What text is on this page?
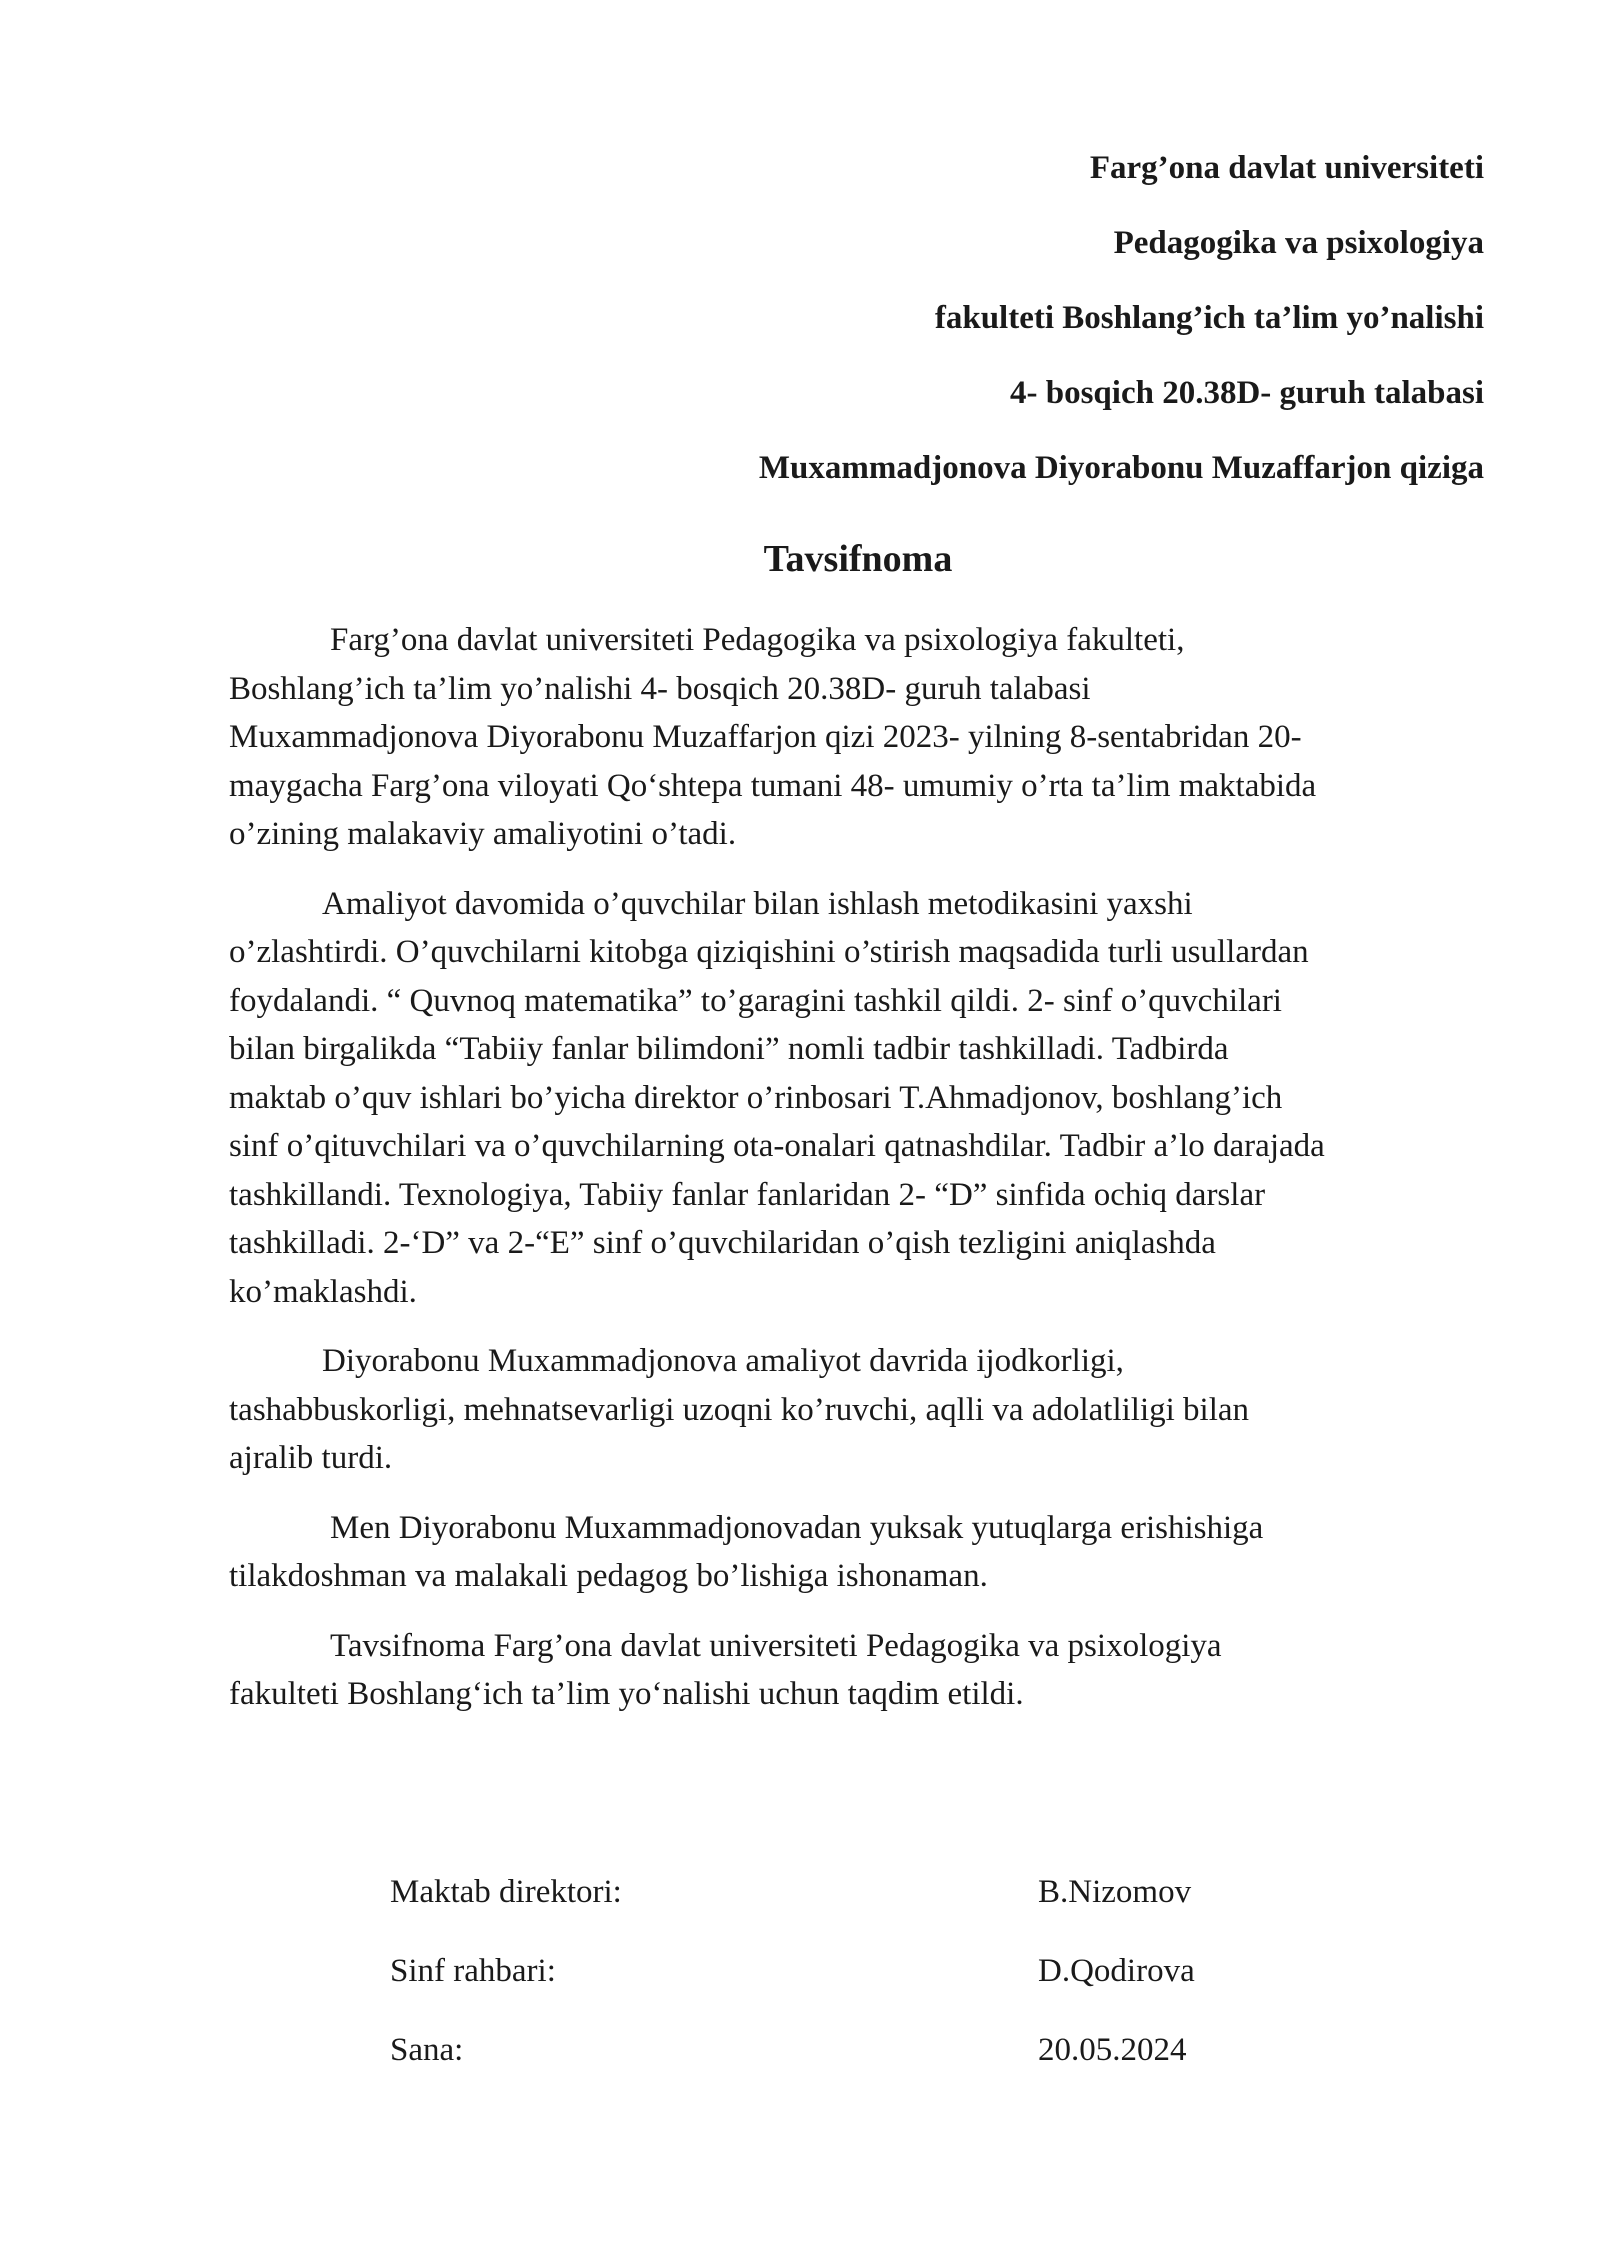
Farg’ona davlat universiteti
Pedagogika va psixologiya
fakulteti Boshlang’ich ta’lim yo’nalishi
4- bosqich 20.38D- guruh talabasi
Muxammadjonova Diyorabonu Muzaffarjon qiziga
Tavsifnoma

Farg’ona davlat universiteti Pedagogika va psixologiya fakulteti,
Boshlang’ich ta’lim yo’nalishi 4- bosqich 20.38D- guruh talabasi
Muxammadjonova Diyorabonu Muzaffarjon qizi 2023- yilning 8-sentabridan 20-
maygacha Farg’ona viloyati Qo‘shtepa tumani 48- umumiy o’rta ta’lim maktabida
o’zining malakaviy amaliyotini o’tadi.

Amaliyot davomida o’quvchilar bilan ishlash metodikasini yaxshi
o’zlashtirdi. O’quvchilarni kitobga qiziqishini o’stirish maqsadida turli usullardan
foydalandi. “ Quvnoq matematika” to’garagini tashkil qildi. 2- sinf o’quvchilari
bilan birgalikda “Tabiiy fanlar bilimdoni” nomli tadbir tashkilladi. Tadbirda
maktab o’quv ishlari bo’yicha direktor o’rinbosari T.Ahmadjonov, boshlang’ich
sinf o’qituvchilari va o’quvchilarning ota-onalari qatnashdilar. Tadbir a’lo darajada
tashkillandi. Texnologiya, Tabiiy fanlar fanlaridan 2- “D” sinfida ochiq darslar
tashkilladi. 2-‘D” va 2-“E” sinf o’quvchilaridan o’qish tezligini aniqlashda
ko’maklashdi.

Diyorabonu Muxammadjonova amaliyot davrida ijodkorligi,
tashabbuskorligi, mehnatsevarligi uzoqni ko’ruvchi, aqlli va adolatliligi bilan
ajralib turdi.

Men Diyorabonu Muxammadjonovadan yuksak yutuqlarga erishishiga
tilakdoshman va malakali pedagog bo’lishiga ishonaman.

Tavsifnoma Farg’ona davlat universiteti Pedagogika va psixologiya
fakulteti Boshlang‘ich ta’lim yo‘nalishi uchun taqdim etildi.

Maktab direktori:	B.Nizomov
Sinf rahbari:	D.Qodirova
Sana:	20.05.2024
